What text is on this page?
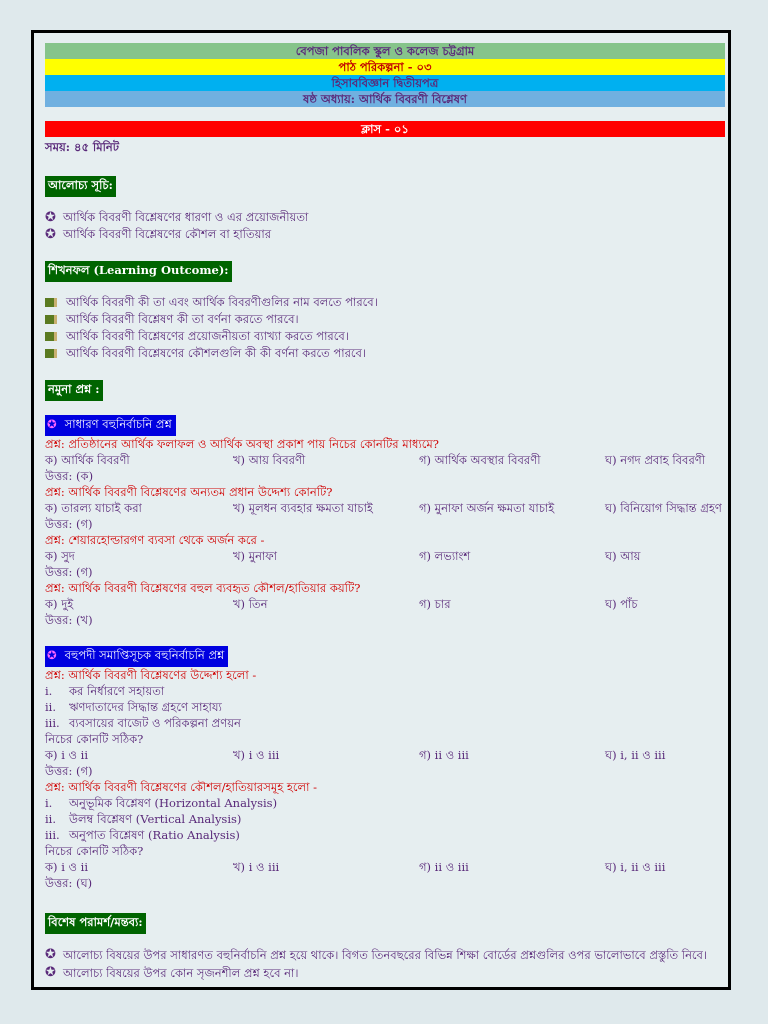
বেপজা পাবলিক স্কুল ও কলেজ চট্টগ্রাম
পাঠ পরিকল্পনা - ০৩
হিসাববিজ্ঞান দ্বিতীয়পত্র
ষষ্ঠ অধ্যায়: আর্থিক বিবরণী বিশ্লেষণ
ক্লাস - ০১
সময়: ৪৫ মিনিট
আলোচ্য সূচি:
✪ আর্থিক বিবরণী বিশ্লেষণের ধারণা ও এর প্রয়োজনীয়তা
✪ আর্থিক বিবরণী বিশ্লেষণের কৌশল বা হাতিয়ার
শিখনফল (Learning Outcome):
আর্থিক বিবরণী কী তা এবং আর্থিক বিবরণীগুলির নাম বলতে পারবে।
আর্থিক বিবরণী বিশ্লেষণ কী তা বর্ণনা করতে পারবে।
আর্থিক বিবরণী বিশ্লেষণের প্রয়োজনীয়তা ব্যাখ্যা করতে পারবে।
আর্থিক বিবরণী বিশ্লেষণের কৌশলগুলি কী কী বর্ণনা করতে পারবে।
নমুনা প্রশ্ন :
✪ সাধারণ বহুনির্বাচনি প্রশ্ন
প্রশ্ন: প্রতিষ্ঠানের আর্থিক ফলাফল ও আর্থিক অবস্থা প্রকাশ পায় নিচের কোনটির মাধ্যমে?
ক) আর্থিক বিবরণী	খ) আয় বিবরণী	গ) আর্থিক অবস্থার বিবরণী	ঘ) নগদ প্রবাহ বিবরণী
উত্তর: (ক)
প্রশ্ন: আর্থিক বিবরণী বিশ্লেষণের অন্যতম প্রধান উদ্দেশ্য কোনটি?
ক) তারল্য যাচাই করা	খ) মূলধন ব্যবহার ক্ষমতা যাচাই	গ) মুনাফা অর্জন ক্ষমতা যাচাই	ঘ) বিনিয়োগ সিদ্ধান্ত গ্রহণ
উত্তর: (গ)
প্রশ্ন: শেয়ারহোল্ডারগণ ব্যবসা থেকে অর্জন করে -
ক) সুদ	খ) মুনাফা	গ) লভ্যাংশ	ঘ) আয়
উত্তর: (গ)
প্রশ্ন: আর্থিক বিবরণী বিশ্লেষণের বহুল ব্যবহৃত কৌশল/হাতিয়ার কয়টি?
ক) দুই	খ) তিন	গ) চার	ঘ) পাঁচ
উত্তর: (খ)
✪ বহুপদী সমাপ্তিসূচক বহুনির্বাচনি প্রশ্ন
প্রশ্ন: আর্থিক বিবরণী বিশ্লেষণের উদ্দেশ্য হলো -
i. কর নির্ধারণে সহায়তা
ii. ঋণদাতাদের সিদ্ধান্ত গ্রহণে সাহায্য
iii. ব্যবসায়ের বাজেট ও পরিকল্পনা প্রণয়ন
নিচের কোনটি সঠিক?
ক) i ও ii	খ) i ও iii	গ) ii ও iii	ঘ) i, ii ও iii
উত্তর: (গ)
প্রশ্ন: আর্থিক বিবরণী বিশ্লেষণের কৌশল/হাতিয়ারসমূহ হলো -
i. অনুভূমিক বিশ্লেষণ (Horizontal Analysis)
ii. উলম্ব বিশ্লেষণ (Vertical Analysis)
iii. অনুপাত বিশ্লেষণ (Ratio Analysis)
নিচের কোনটি সঠিক?
ক) i ও ii	খ) i ও iii	গ) ii ও iii	ঘ) i, ii ও iii
উত্তর: (ঘ)
বিশেষ পরামর্শ/মন্তব্য:
✪ আলোচ্য বিষয়ের উপর সাধারণত বহুনির্বাচনি প্রশ্ন হয়ে থাকে। বিগত তিনবছরের বিভিন্ন শিক্ষা বোর্ডের প্রশ্নগুলির ওপর ভালোভাবে প্রস্তুতি নিবে।
✪ আলোচ্য বিষয়ের উপর কোন সৃজনশীল প্রশ্ন হবে না।
